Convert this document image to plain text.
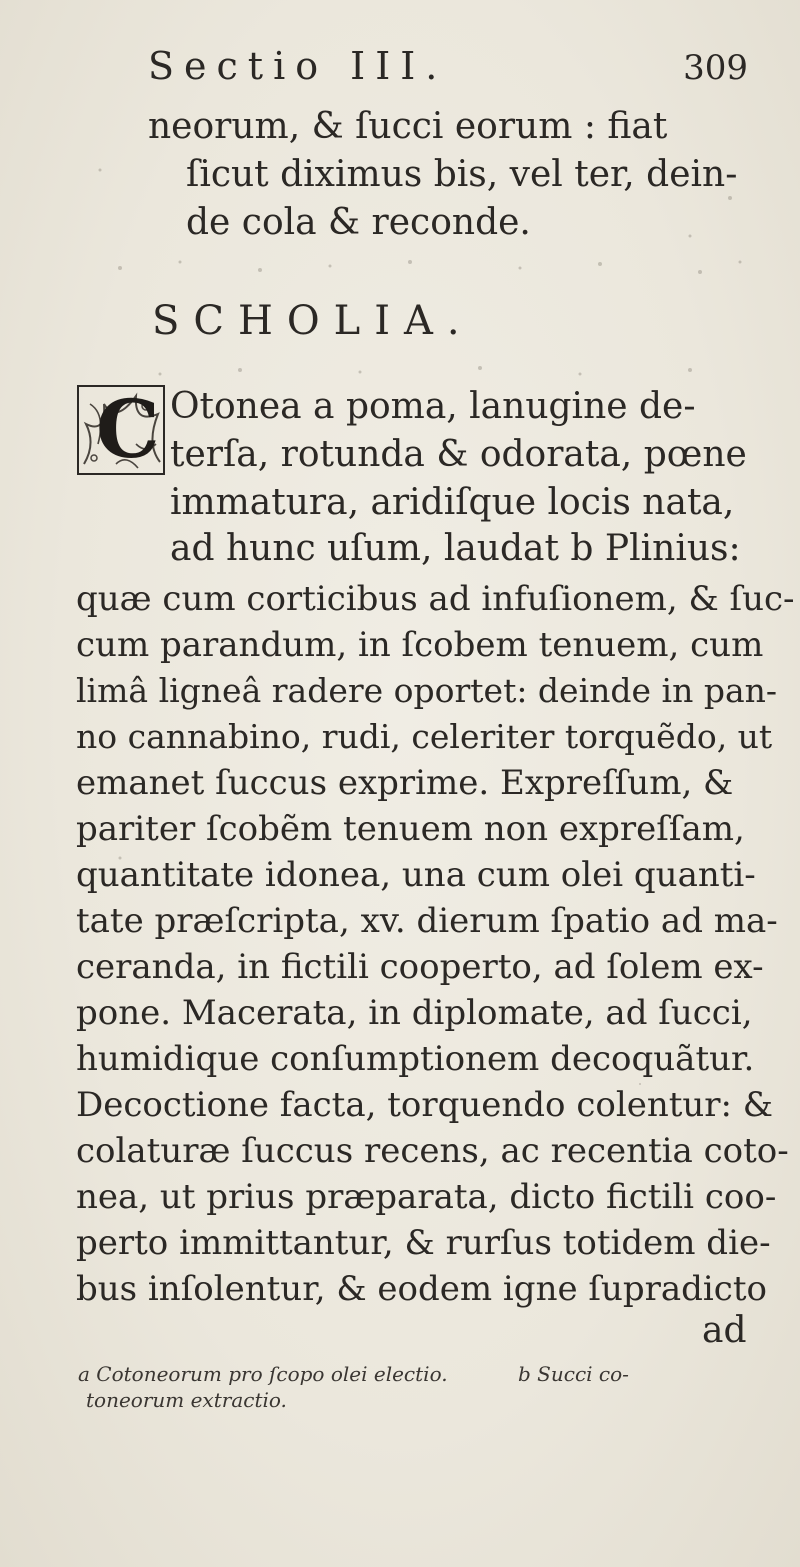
Sectio III.	309
neorum, & ſucci eorum : fiat
ſicut diximus bis, vel ter, dein-
de cola & reconde.
SCHOLIA.
C Otonea a poma, lanugine de-
terſa, rotunda & odorata, pœne
immatura, aridiſque locis nata,
ad hunc uſum, laudat b Plinius:
quæ cum corticibus ad infuſionem, & ſuc-
cum parandum, in ſcobem tenuem, cum
limâ ligneâ radere oportet: deinde in pan-
no cannabino, rudi, celeriter torquẽdo, ut
emanet ſuccus exprime. Expreſſum, &
pariter ſcobẽm tenuem non expreſſam,
quantitate idonea, una cum olei quanti-
tate præſcripta, xv. dierum ſpatio ad ma-
ceranda, in fictili cooperto, ad ſolem ex-
pone. Macerata, in diplomate, ad ſucci,
humidique conſumptionem decoquãtur.
Decoctione facta, torquendo colentur: &
colaturæ ſuccus recens, ac recentia coto-
nea, ut prius præparata, dicto fictili coo-
perto immittantur, & rurſus totidem die-
bus inſolentur, & eodem igne ſupradicto
ad
a Cotoneorum pro ſcopo olei electio.	b Succi co-
toneorum extractio.
